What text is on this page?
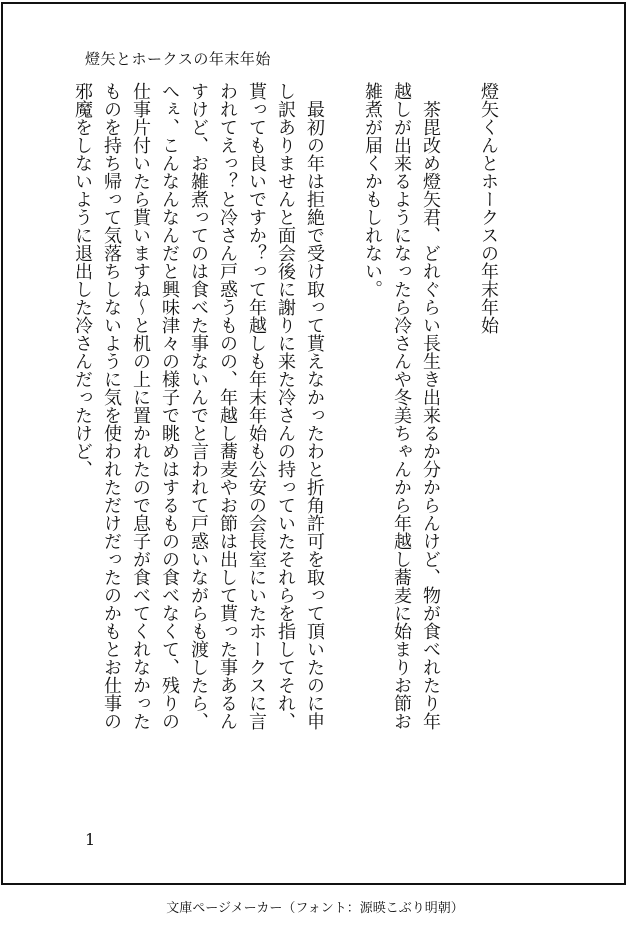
燈矢とホークスの年末年始

燈矢くんとホークスの年末年始

　茶毘改め燈矢君、どれぐらい長生き出来るか分からんけど、物が食べれたり年

越しが出来るようになったら冷さんや冬美ちゃんから年越し蕎麦に始まりお節お

雑煮が届くかもしれない。

　最初の年は拒絶で受け取って貰えなかったわと折角許可を取って頂いたのに申

し訳ありませんと面会後に謝りに来た冷さんの持っていたそれらを指してそれ、

貰っても良いですか？って年越しも年末年始も公安の会長室にいたホークスに言

われてえっ？と冷さん戸惑うものの、年越し蕎麦やお節は出して貰った事あるん

すけど、お雑煮ってのは食べた事ないんでと言われて戸惑いながらも渡したら、

へぇ、こんなんなんだと興味津々の様子で眺めはするものの食べなくて、残りの

仕事片付いたら貰いますね～と机の上に置かれたので息子が食べてくれなかった

ものを持ち帰って気落ちしないように気を使われただけだったのかもとお仕事の

邪魔をしないように退出した冷さんだったけど、

1
文庫ページメーカー（フォント：源暎こぶり明朝）
